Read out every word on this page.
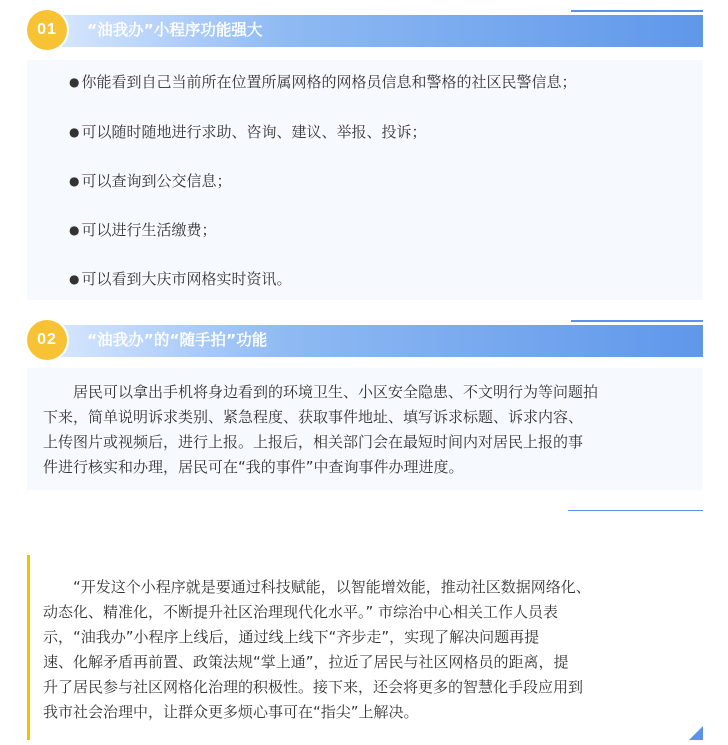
01	“油我办”小程序功能强大
● 你能看到自己当前所在位置所属网格的网格员信息和警格的社区民警信息；
● 可以随时随地进行求助、咨询、建议、举报、投诉；
● 可以查询到公交信息；
● 可以进行生活缴费；
● 可以看到大庆市网格实时资讯。
02	“油我办”的“随手拍”功能
居民可以拿出手机将身边看到的环境卫生、小区安全隐患、不文明行为等问题拍
下来，简单说明诉求类别、紧急程度、获取事件地址、填写诉求标题、诉求内容、
上传图片或视频后，进行上报。上报后，相关部门会在最短时间内对居民上报的事
件进行核实和办理，居民可在“我的事件”中查询事件办理进度。
“开发这个小程序就是要通过科技赋能，以智能增效能，推动社区数据网络化、
动态化、精准化，不断提升社区治理现代化水平。” 市综治中心相关工作人员表
示，“油我办”小程序上线后，通过线上线下“齐步走”，实现了解决问题再提
速、化解矛盾再前置、政策法规“掌上通”，拉近了居民与社区网格员的距离，提
升了居民参与社区网格化治理的积极性。接下来，还会将更多的智慧化手段应用到
我市社会治理中，让群众更多烦心事可在“指尖”上解决。
